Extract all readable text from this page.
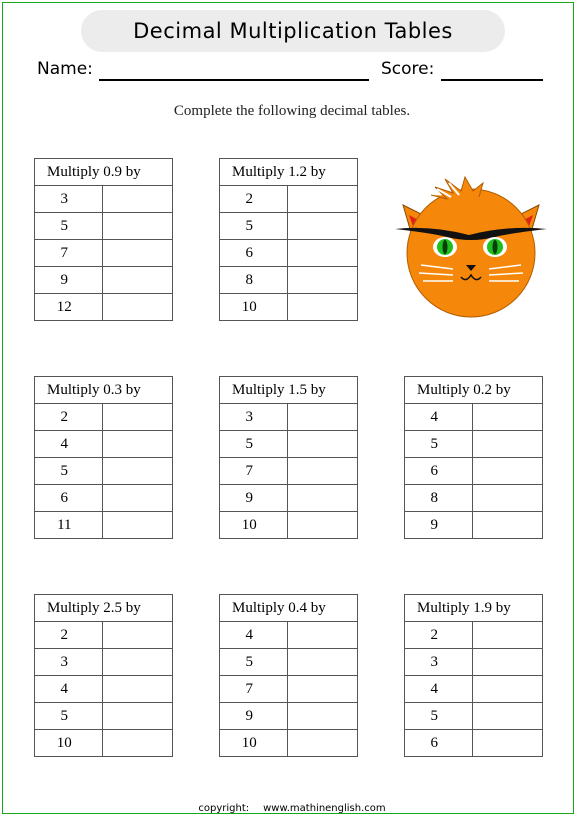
Decimal Multiplication Tables
Name:	Score:
Complete the following decimal tables.
Multiply 0.9 by	
3	
5	
7	
9	
12	
Multiply 1.2 by	
2	
5	
6	
8	
10	
Multiply 0.3 by	
2	
4	
5	
6	
11	
Multiply 1.5 by	
3	
5	
7	
9	
10	
Multiply 0.2 by	
4	
5	
6	
8	
9	
Multiply 2.5 by	
2	
3	
4	
5	
10	
Multiply 0.4 by	
4	
5	
7	
9	
10	
Multiply 1.9 by	
2	
3	
4	
5	
6	
copyright: www.mathinenglish.com
